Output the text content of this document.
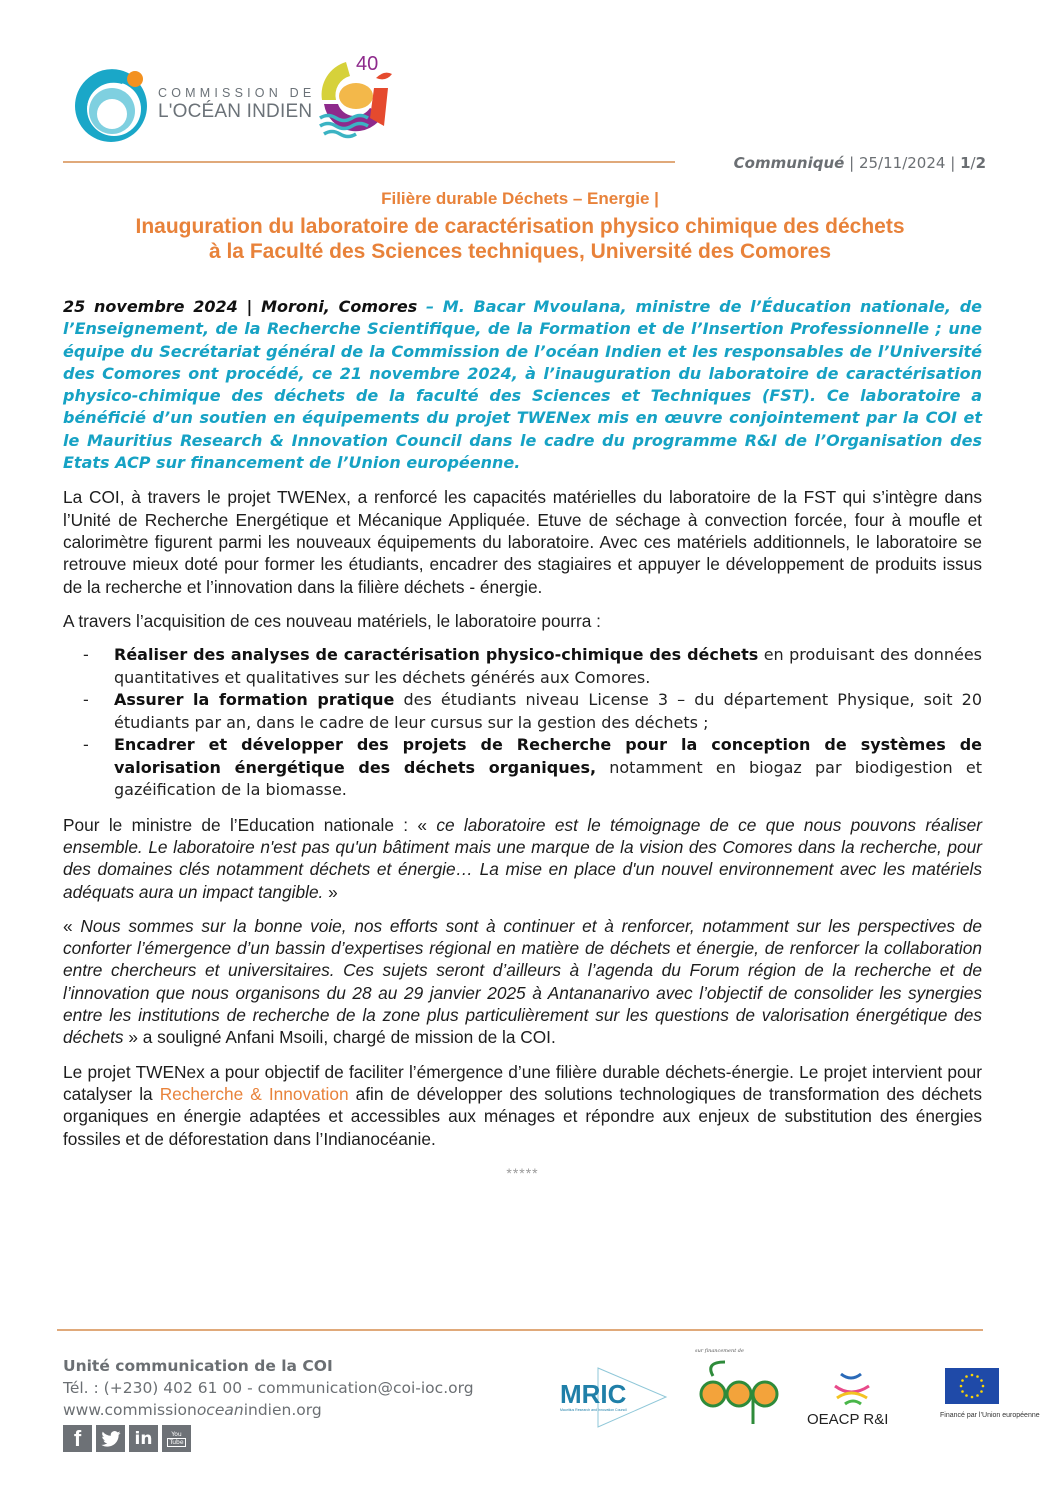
COMMISSION DE
L'OCÉAN INDIEN
40
Communiqué | 25/11/2024 | 1/2
Filière durable Déchets – Energie |
Inauguration du laboratoire de caractérisation physico chimique des déchets
à la Faculté des Sciences techniques, Université des Comores

25 novembre 2024 | Moroni, Comores – M. Bacar Mvoulana, ministre de l’Éducation nationale, de l’Enseignement, de la Recherche Scientifique, de la Formation et de l’Insertion Professionnelle ; une équipe du Secrétariat général de la Commission de l’océan Indien et les responsables de l’Université des Comores ont procédé, ce 21 novembre 2024, à l’inauguration du laboratoire de caractérisation physico-chimique des déchets de la faculté des Sciences et Techniques (FST). Ce laboratoire a bénéficié d’un soutien en équipements du projet TWENex mis en œuvre conjointement par la COI et le Mauritius Research & Innovation Council dans le cadre du programme R&I de l’Organisation des Etats ACP sur financement de l’Union européenne.

La COI, à travers le projet TWENex, a renforcé les capacités matérielles du laboratoire de la FST qui s’intègre dans l’Unité de Recherche Energétique et Mécanique Appliquée. Etuve de séchage à convection forcée, four à moufle et calorimètre figurent parmi les nouveaux équipements du laboratoire. Avec ces matériels additionnels, le laboratoire se retrouve mieux doté pour former les étudiants, encadrer des stagiaires et appuyer le développement de produits issus de la recherche et l’innovation dans la filière déchets - énergie.

A travers l’acquisition de ces nouveau matériels, le laboratoire pourra :

- Réaliser des analyses de caractérisation physico-chimique des déchets en produisant des données quantitatives et qualitatives sur les déchets générés aux Comores.
- Assurer la formation pratique des étudiants niveau License 3 – du département Physique, soit 20 étudiants par an, dans le cadre de leur cursus sur la gestion des déchets ;
- Encadrer et développer des projets de Recherche pour la conception de systèmes de valorisation énergétique des déchets organiques, notamment en biogaz par biodigestion et gazéification de la biomasse.

Pour le ministre de l’Education nationale : « ce laboratoire est le témoignage de ce que nous pouvons réaliser ensemble. Le laboratoire n'est pas qu'un bâtiment mais une marque de la vision des Comores dans la recherche, pour des domaines clés notamment déchets et énergie… La mise en place d'un nouvel environnement avec les matériels adéquats aura un impact tangible. »

« Nous sommes sur la bonne voie, nos efforts sont à continuer et à renforcer, notamment sur les perspectives de conforter l’émergence d’un bassin d’expertises régional en matière de déchets et énergie, de renforcer la collaboration entre chercheurs et universitaires. Ces sujets seront d’ailleurs à l’agenda du Forum région de la recherche et de l’innovation que nous organisons du 28 au 29 janvier 2025 à Antananarivo avec l’objectif de consolider les synergies entre les institutions de recherche de la zone plus particulièrement sur les questions de valorisation énergétique des déchets » a souligné Anfani Msoili, chargé de mission de la COI.

Le projet TWENex a pour objectif de faciliter l’émergence d’une filière durable déchets-énergie. Le projet intervient pour catalyser la Recherche & Innovation afin de développer des solutions technologiques de transformation des déchets organiques en énergie adaptées et accessibles aux ménages et répondre aux enjeux de substitution des énergies fossiles et de déforestation dans l’Indianocéanie.

*****
Unité communication de la COI
Tél. : (+230) 402 61 00 - communication@coi-ioc.org
www.commissionoceanindien.org
f	in	You
Tube
MRIC
Mauritius Research and Innovation Council
sur financement de
OEACP R&I	Financé par l’Union européenne
